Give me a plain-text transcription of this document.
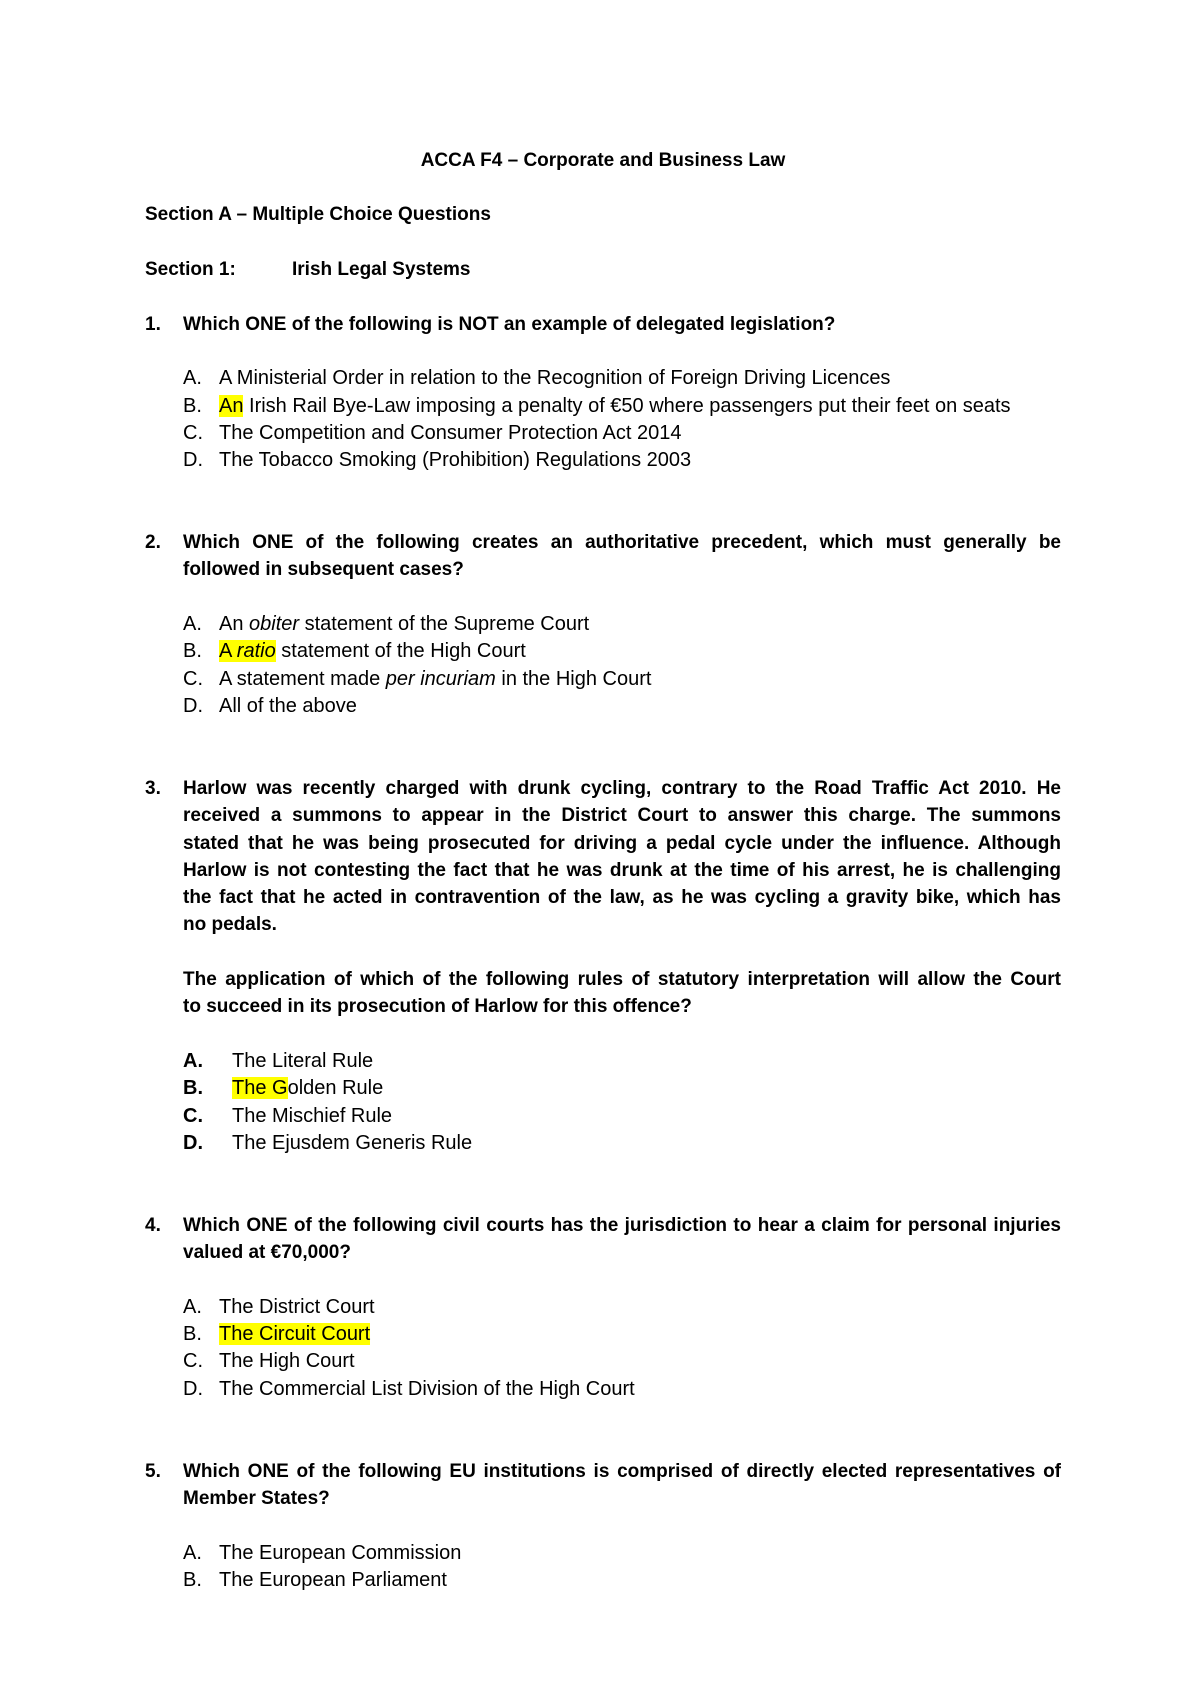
ACCA F4 – Corporate and Business Law
Section A – Multiple Choice Questions
Section 1:	Irish Legal Systems
1. Which ONE of the following is NOT an example of delegated legislation?
A. A Ministerial Order in relation to the Recognition of Foreign Driving Licences
B. An Irish Rail Bye-Law imposing a penalty of €50 where passengers put their feet on seats
C. The Competition and Consumer Protection Act 2014
D. The Tobacco Smoking (Prohibition) Regulations 2003
2. Which ONE of the following creates an authoritative precedent, which must generally be
followed in subsequent cases?
A. An obiter statement of the Supreme Court
B. A ratio statement of the High Court
C. A statement made per incuriam in the High Court
D. All of the above
3. Harlow was recently charged with drunk cycling, contrary to the Road Traffic Act 2010. He
received a summons to appear in the District Court to answer this charge. The summons
stated that he was being prosecuted for driving a pedal cycle under the influence. Although
Harlow is not contesting the fact that he was drunk at the time of his arrest, he is challenging
the fact that he acted in contravention of the law, as he was cycling a gravity bike, which has
no pedals.
The application of which of the following rules of statutory interpretation will allow the Court
to succeed in its prosecution of Harlow for this offence?
A. The Literal Rule
B. The Golden Rule
C. The Mischief Rule
D. The Ejusdem Generis Rule
4. Which ONE of the following civil courts has the jurisdiction to hear a claim for personal injuries
valued at €70,000?
A. The District Court
B. The Circuit Court
C. The High Court
D. The Commercial List Division of the High Court
5. Which ONE of the following EU institutions is comprised of directly elected representatives of
Member States?
A. The European Commission
B. The European Parliament
